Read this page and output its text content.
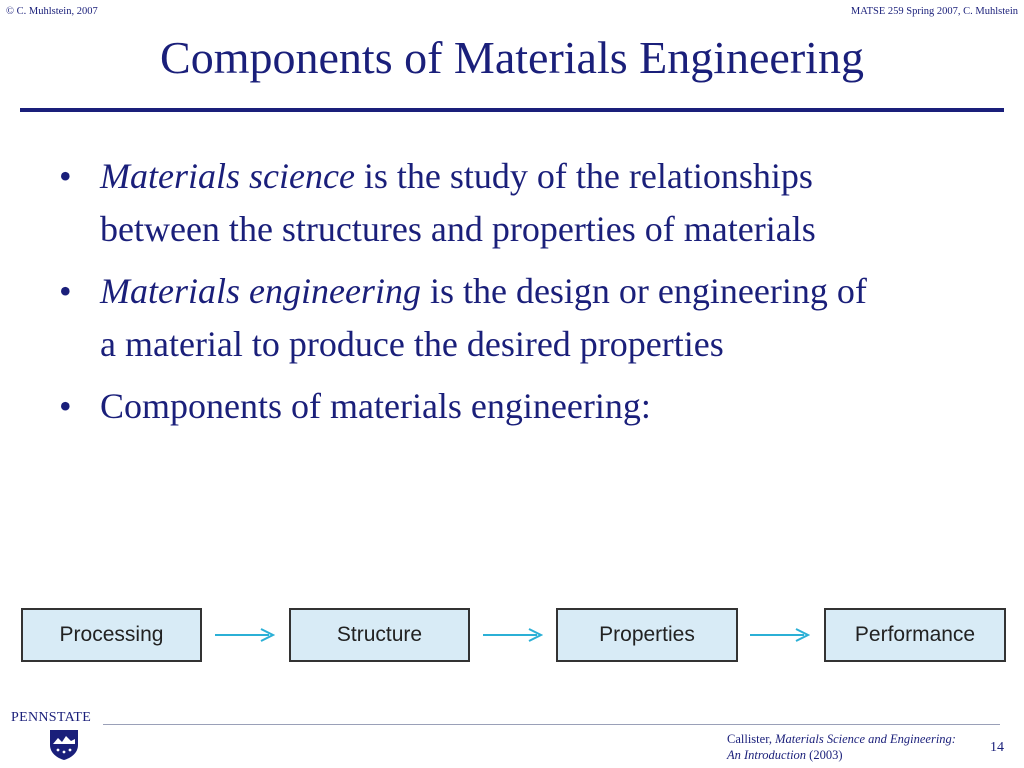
© C. Muhlstein, 2007	MATSE 259 Spring 2007, C. Muhlstein
Components of Materials Engineering
• Materials science is the study of the relationships between the structures and properties of materials
• Materials engineering is the design or engineering of a material to produce the desired properties
• Components of materials engineering:
Processing	Structure	Properties	Performance
PENNSTATE
Callister, Materials Science and Engineering:
An Introduction (2003)	14
